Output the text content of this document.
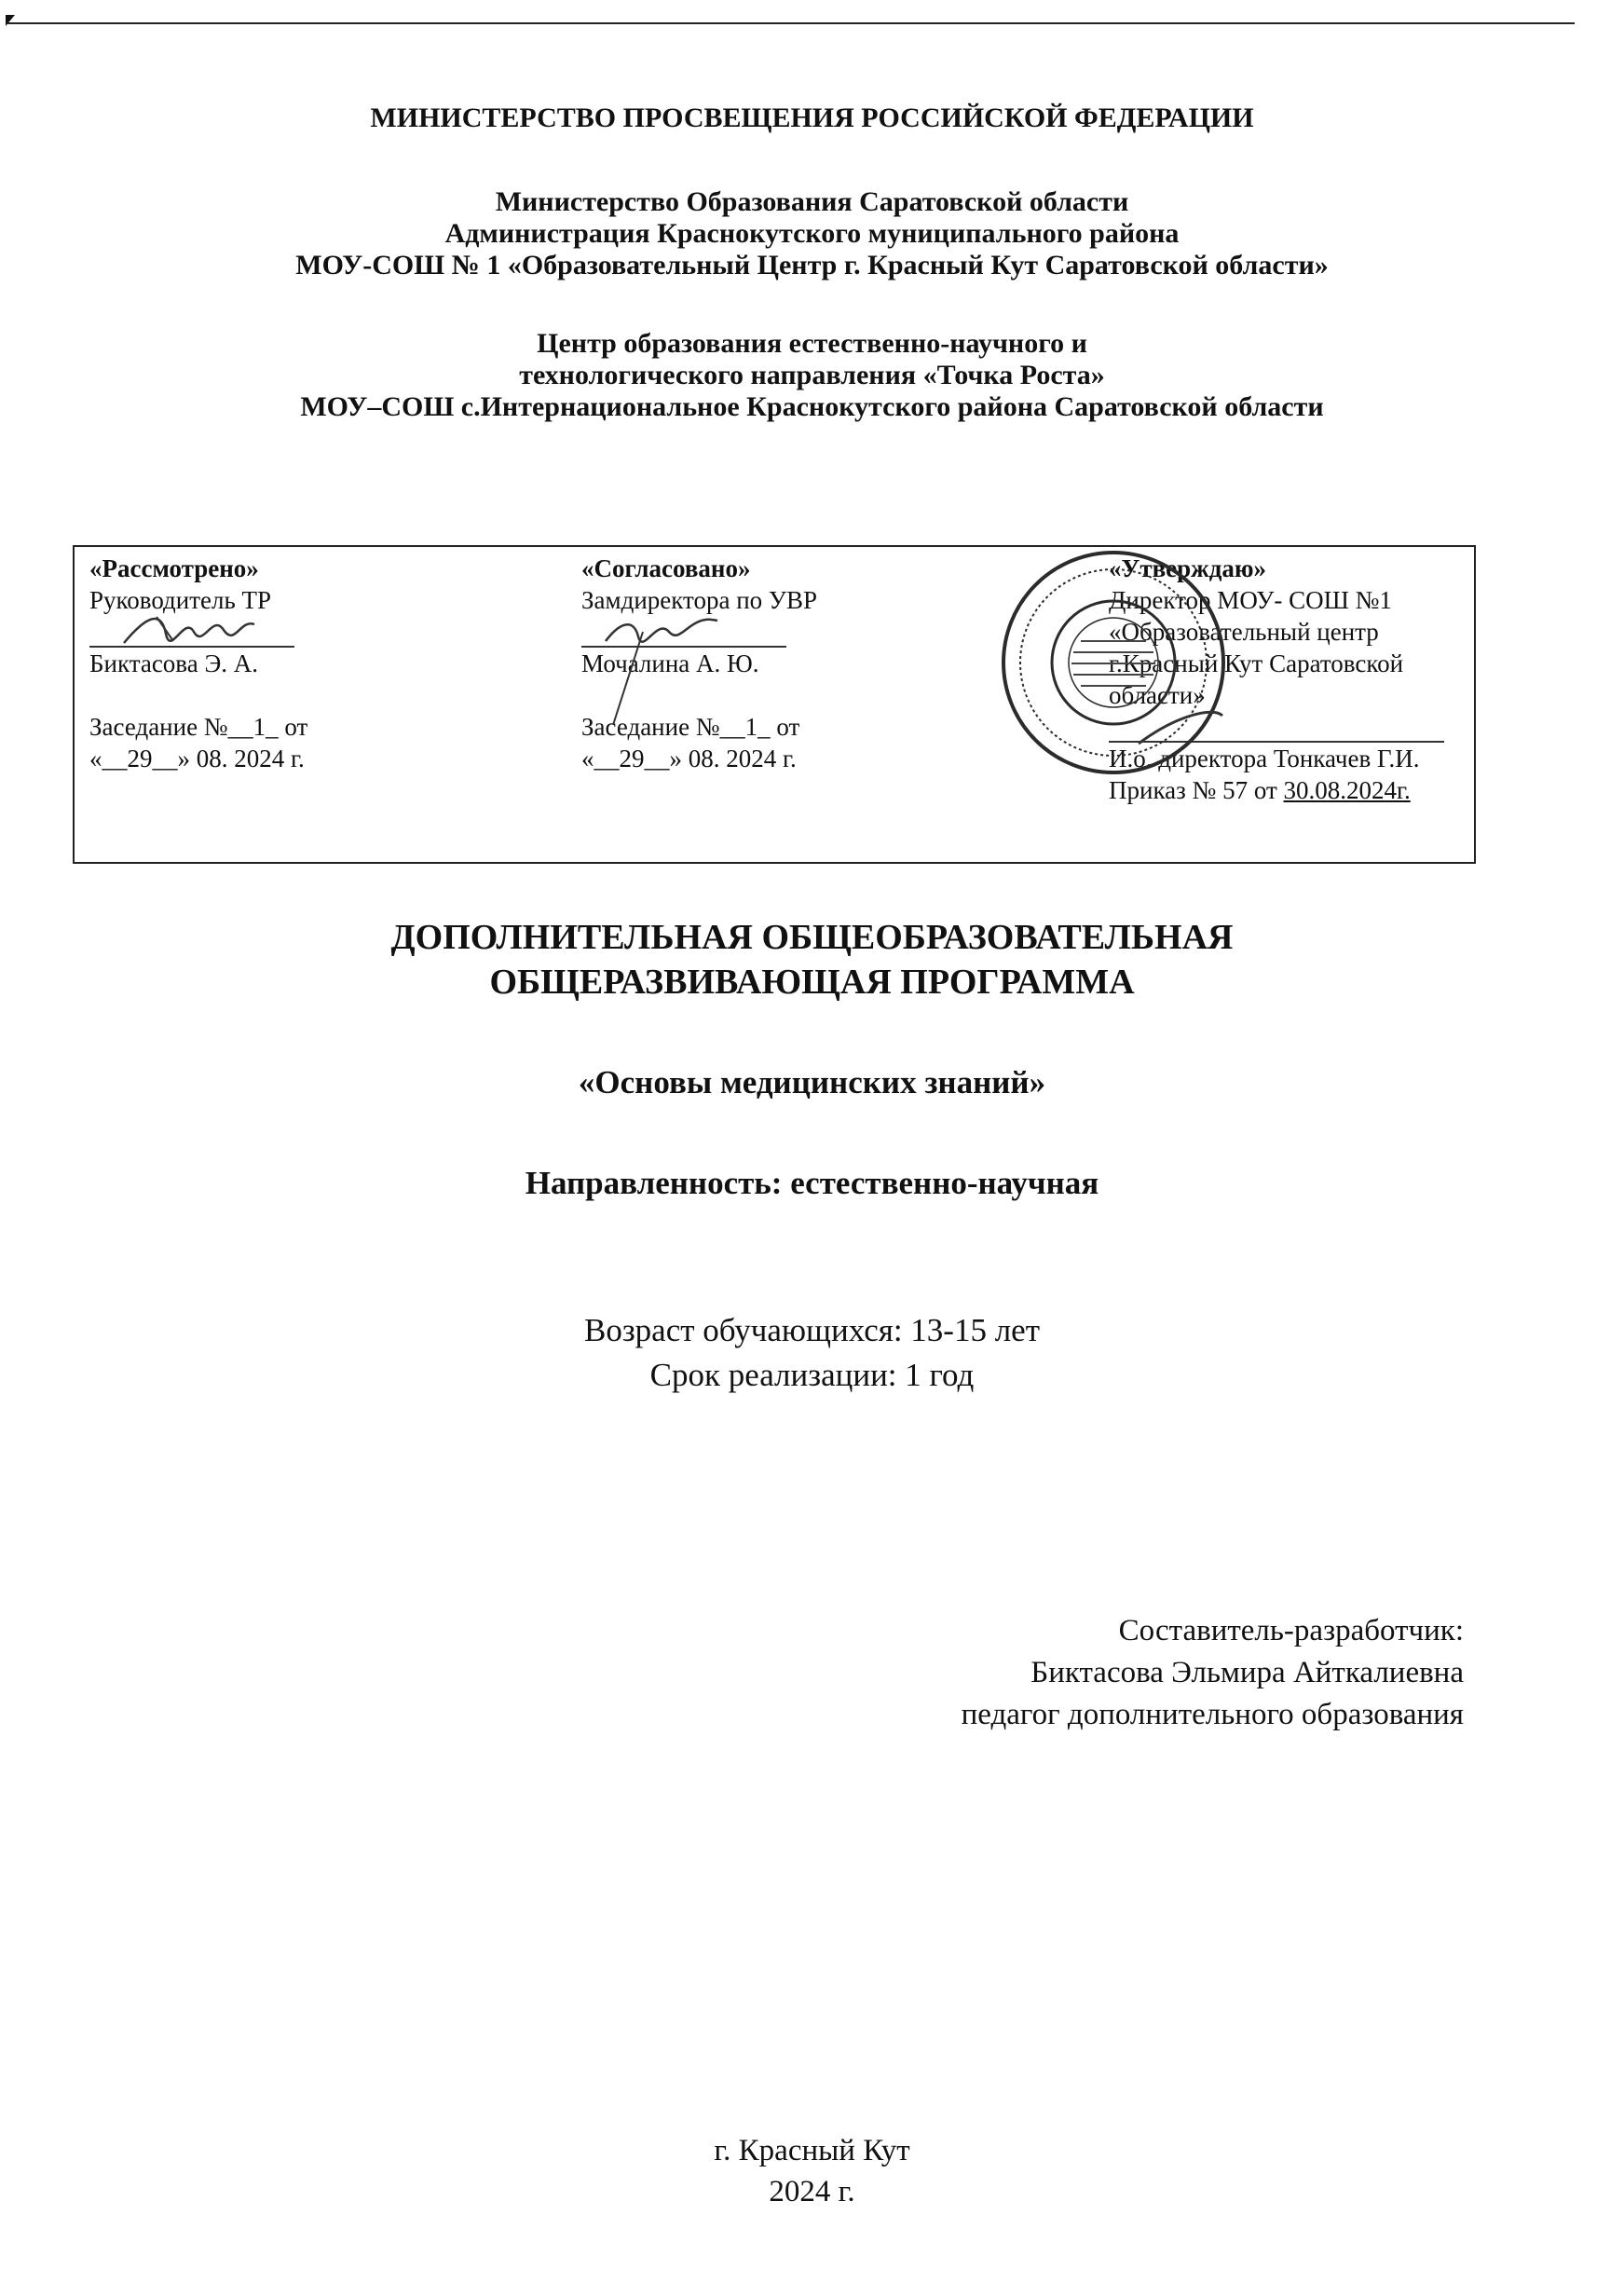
МИНИСТЕРСТВО ПРОСВЕЩЕНИЯ РОССИЙСКОЙ ФЕДЕРАЦИИ
Министерство Образования Саратовской области
Администрация Краснокутского муниципального района
МОУ-СОШ № 1 «Образовательный Центр г. Красный Кут Саратовской области»
Центр образования естественно-научного и
технологического направления «Точка Роста»
МОУ–СОШ с.Интернациональное Краснокутского района Саратовской области
«Рассмотрено»
Руководитель ТР
Биктасова Э. А.
Заседание №__1_ от
«__29__» 08. 2024 г.
«Согласовано»
Замдиректора по УВР
Мочалина А. Ю.
Заседание №__1_ от
«__29__» 08. 2024 г.
«Утверждаю»
Директор МОУ- СОШ №1
«Образовательный центр
г.Красный Кут Саратовской области»
И.о. директора Тонкачев Г.И.
Приказ № 57 от 30.08.2024г.
ДОПОЛНИТЕЛЬНАЯ ОБЩЕОБРАЗОВАТЕЛЬНАЯ
ОБЩЕРАЗВИВАЮЩАЯ ПРОГРАММА
«Основы медицинских знаний»
Направленность: естественно-научная
Возраст обучающихся: 13-15 лет
Срок реализации: 1 год
Составитель-разработчик:
Биктасова Эльмира Айткалиевна
педагог дополнительного образования
г. Красный Кут
2024 г.
